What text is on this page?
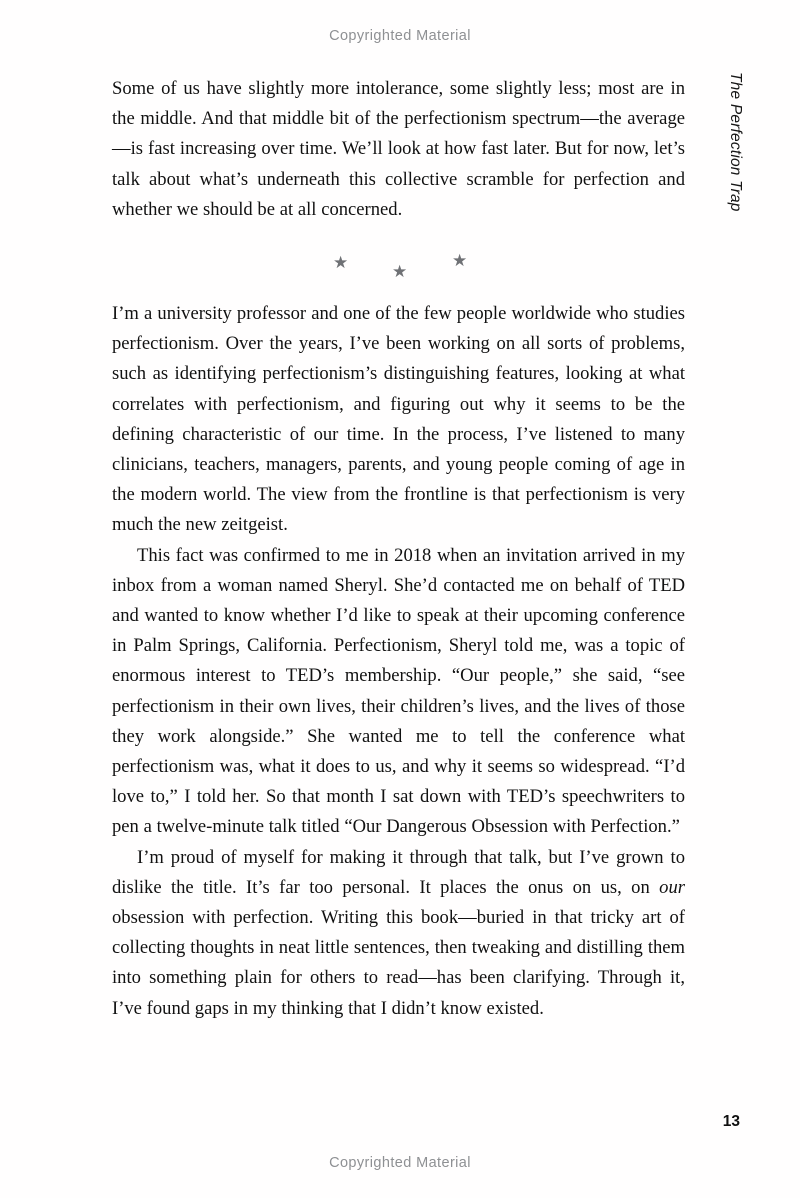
Copyrighted Material
The Perfection Trap

Some of us have slightly more intolerance, some slightly less; most are in the middle. And that middle bit of the perfectionism spectrum—the average—is fast increasing over time. We’ll look at how fast later. But for now, let’s talk about what’s underneath this collective scramble for perfection and whether we should be at all concerned.

★	★
★

I’m a university professor and one of the few people worldwide who studies perfectionism. Over the years, I’ve been working on all sorts of problems, such as identifying perfectionism’s distinguishing features, looking at what correlates with perfectionism, and figuring out why it seems to be the defining characteristic of our time. In the process, I’ve listened to many clinicians, teachers, managers, parents, and young people coming of age in the modern world. The view from the frontline is that perfectionism is very much the new zeitgeist.

This fact was confirmed to me in 2018 when an invitation arrived in my inbox from a woman named Sheryl. She’d contacted me on behalf of TED and wanted to know whether I’d like to speak at their upcoming conference in Palm Springs, California. Perfectionism, Sheryl told me, was a topic of enormous interest to TED’s membership. “Our people,” she said, “see perfectionism in their own lives, their children’s lives, and the lives of those they work alongside.” She wanted me to tell the conference what perfectionism was, what it does to us, and why it seems so widespread. “I’d love to,” I told her. So that month I sat down with TED’s speechwriters to pen a twelve-minute talk titled “Our Dangerous Obsession with Perfection.”

I’m proud of myself for making it through that talk, but I’ve grown to dislike the title. It’s far too personal. It places the onus on us, on our obsession with perfection. Writing this book—buried in that tricky art of collecting thoughts in neat little sentences, then tweaking and distilling them into something plain for others to read—has been clarifying. Through it, I’ve found gaps in my thinking that I didn’t know existed.

13
Copyrighted Material
